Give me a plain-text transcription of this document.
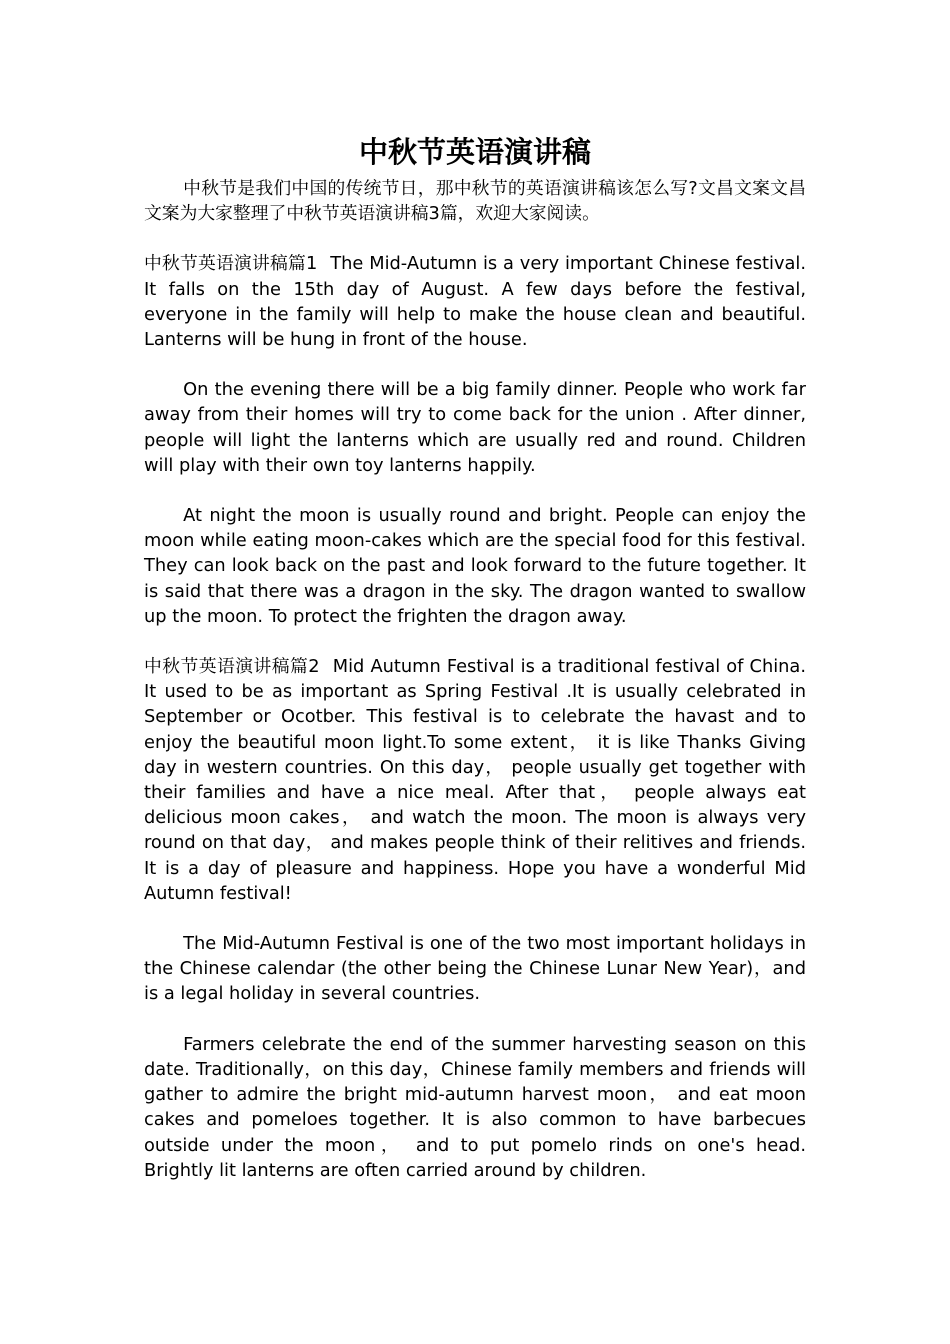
中秋节英语演讲稿

中秋节是我们中国的传统节日，那中秋节的英语演讲稿该怎么写?文昌文案文昌文案为大家整理了中秋节英语演讲稿3篇，欢迎大家阅读。

中秋节英语演讲稿篇1 The Mid-Autumn is a very important Chinese festival. It falls on the 15th day of August. A few days before the festival, everyone in the family will help to make the house clean and beautiful. Lanterns will be hung in front of the house.

On the evening there will be a big family dinner. People who work far away from their homes will try to come back for the union . After dinner, people will light the lanterns which are usually red and round. Children will play with their own toy lanterns happily.

At night the moon is usually round and bright. People can enjoy the moon while eating moon-cakes which are the special food for this festival. They can look back on the past and look forward to the future together. It is said that there was a dragon in the sky. The dragon wanted to swallow up the moon. To protect the frighten the dragon away.

中秋节英语演讲稿篇2 Mid Autumn Festival is a traditional festival of China. It used to be as important as Spring Festival .It is usually celebrated in September or Ocotber. This festival is to celebrate the havast and to enjoy the beautiful moon light.To some extent， it is like Thanks Giving day in western countries. On this day， people usually get together with their families and have a nice meal. After that， people always eat delicious moon cakes， and watch the moon. The moon is always very round on that day， and makes people think of their relitives and friends. It is a day of pleasure and happiness. Hope you have a wonderful Mid Autumn festival!

The Mid-Autumn Festival is one of the two most important holidays in the Chinese calendar (the other being the Chinese Lunar New Year)，and is a legal holiday in several countries.

Farmers celebrate the end of the summer harvesting season on this date. Traditionally，on this day，Chinese family members and friends will gather to admire the bright mid-autumn harvest moon， and eat moon cakes and pomeloes together. It is also common to have barbecues outside under the moon， and to put pomelo rinds on one's head. Brightly lit lanterns are often carried around by children.
